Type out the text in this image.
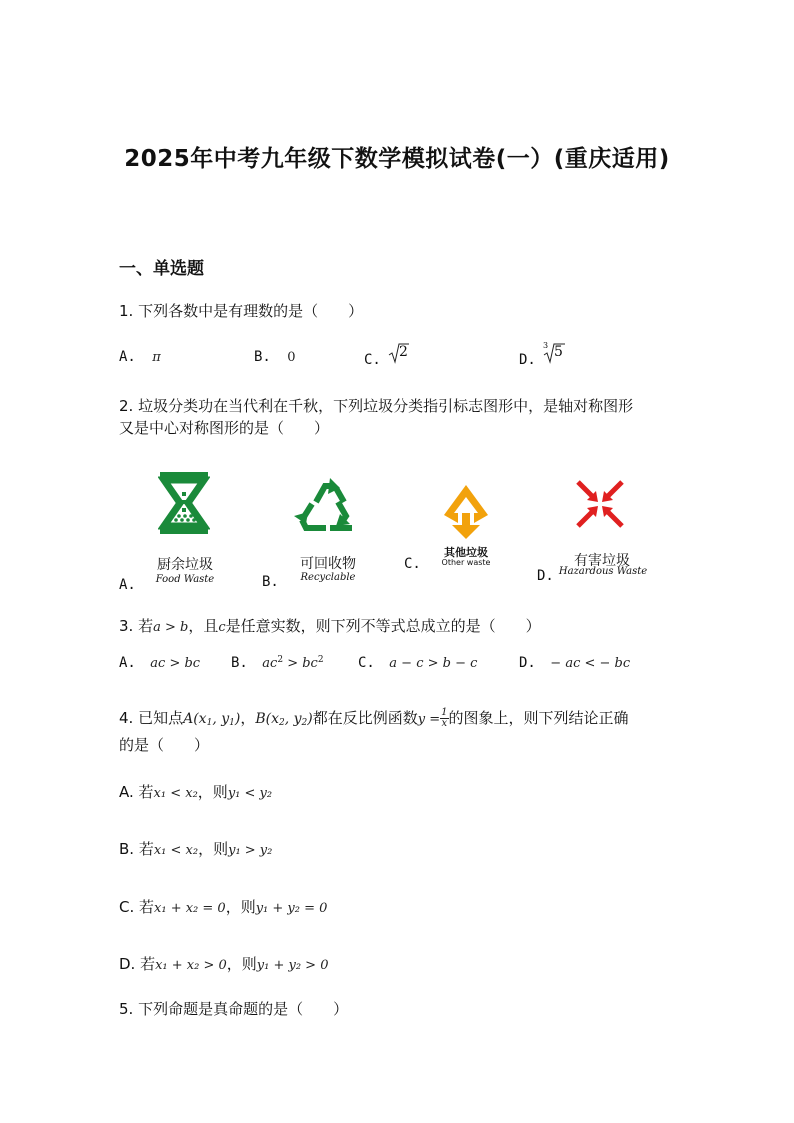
2025年中考九年级下数学模拟试卷(一）(重庆适用)
一、单选题
1. 下列各数中是有理数的是（　　）
A. π	B. 0	C. 2	D.
3 5
2. 垃圾分类功在当代利在千秋，下列垃圾分类指引标志图形中，是轴对称图形
又是中心对称图形的是（　　）
厨余垃圾
Food Waste
A.
可回收物
Recyclable
B.
其他垃圾
Other waste
C.	有害垃圾
Hazardous Waste
D.
3. 若a > b，且c是任意实数，则下列不等式总成立的是（　　）
A. ac > bc B. $ac^2 > bc^2$ C. a − c > b − c	D. − ac < − bc
4. 已知点$A(x_1$, $y_1$)，$B(x_2$, $y_2$)都在反比例函数$y = \frac{1}{x}$ 的图象上，则下列结论正确
的是（　　）
A. 若x₁ < x₂，则y₁ < y₂
B. 若x₁ < x₂，则y₁ > y₂
C. 若x₁ + x₂ = 0，则y₁ + y₂ = 0
D. 若x₁ + x₂ > 0，则y₁ + y₂ > 0
5. 下列命题是真命题的是（　　）
